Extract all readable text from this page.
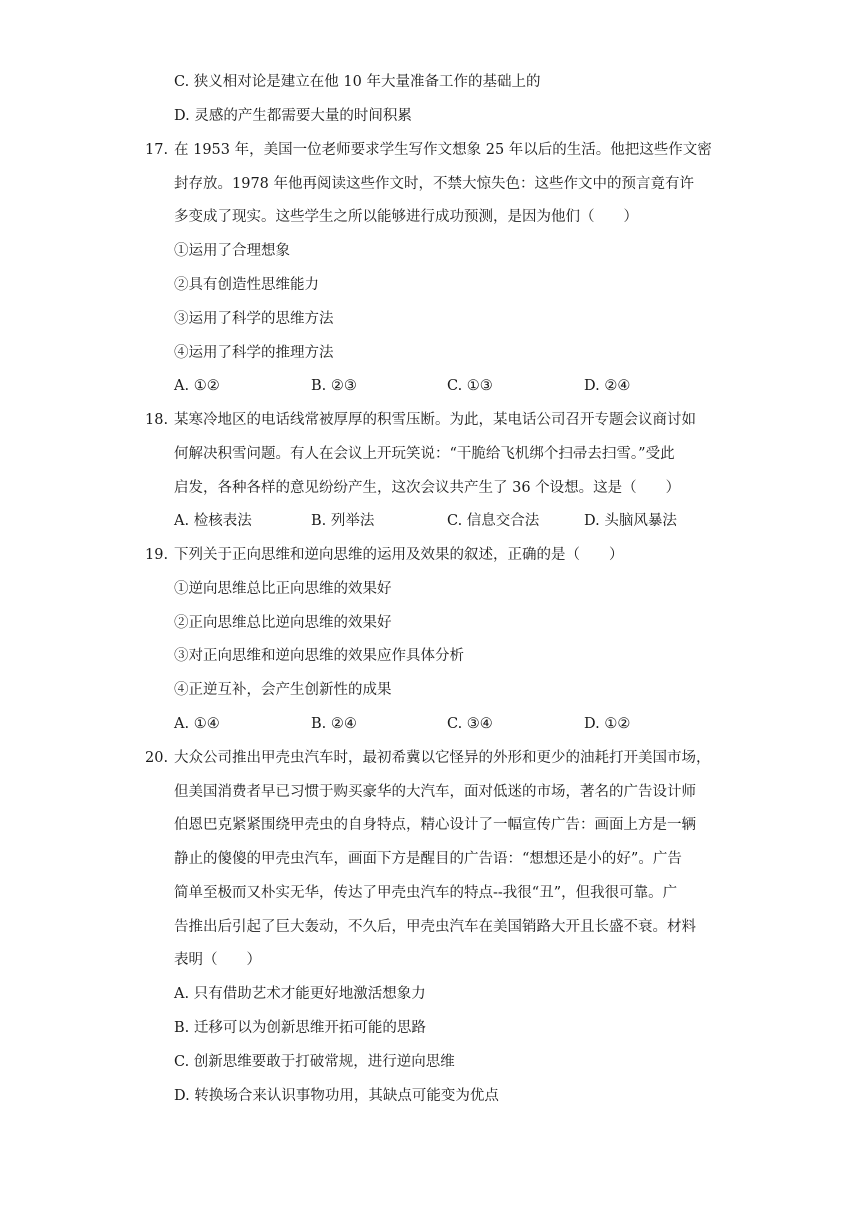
C. 狭义相对论是建立在他 10 年大量准备工作的基础上的
D. 灵感的产生都需要大量的时间积累
17. 在 1953 年，美国一位老师要求学生写作文想象 25 年以后的生活。他把这些作文密
封存放。1978 年他再阅读这些作文时，不禁大惊失色：这些作文中的预言竟有许
多变成了现实。这些学生之所以能够进行成功预测，是因为他们（　　）
①运用了合理想象
②具有创造性思维能力
③运用了科学的思维方法
④运用了科学的推理方法
A. ①②	B. ②③	C. ①③	D. ②④
18. 某寒冷地区的电话线常被厚厚的积雪压断。为此，某电话公司召开专题会议商讨如
何解决积雪问题。有人在会议上开玩笑说：“干脆给飞机绑个扫帚去扫雪。”受此
启发，各种各样的意见纷纷产生，这次会议共产生了 36 个设想。这是（　　）
A. 检核表法	B. 列举法	C. 信息交合法	D. 头脑风暴法
19. 下列关于正向思维和逆向思维的运用及效果的叙述，正确的是（　　）
①逆向思维总比正向思维的效果好
②正向思维总比逆向思维的效果好
③对正向思维和逆向思维的效果应作具体分析
④正逆互补，会产生创新性的成果
A. ①④	B. ②④	C. ③④	D. ①②
20. 大众公司推出甲壳虫汽车时，最初希冀以它怪异的外形和更少的油耗打开美国市场，
但美国消费者早已习惯于购买豪华的大汽车，面对低迷的市场，著名的广告设计师
伯恩巴克紧紧围绕甲壳虫的自身特点，精心设计了一幅宣传广告：画面上方是一辆
静止的傻傻的甲壳虫汽车，画面下方是醒目的广告语：“想想还是小的好”。广告
简单至极而又朴实无华，传达了甲壳虫汽车的特点--我很“丑”，但我很可靠。广
告推出后引起了巨大轰动，不久后，甲壳虫汽车在美国销路大开且长盛不衰。材料
表明（　　）
A. 只有借助艺术才能更好地激活想象力
B. 迁移可以为创新思维开拓可能的思路
C. 创新思维要敢于打破常规，进行逆向思维
D. 转换场合来认识事物功用，其缺点可能变为优点
